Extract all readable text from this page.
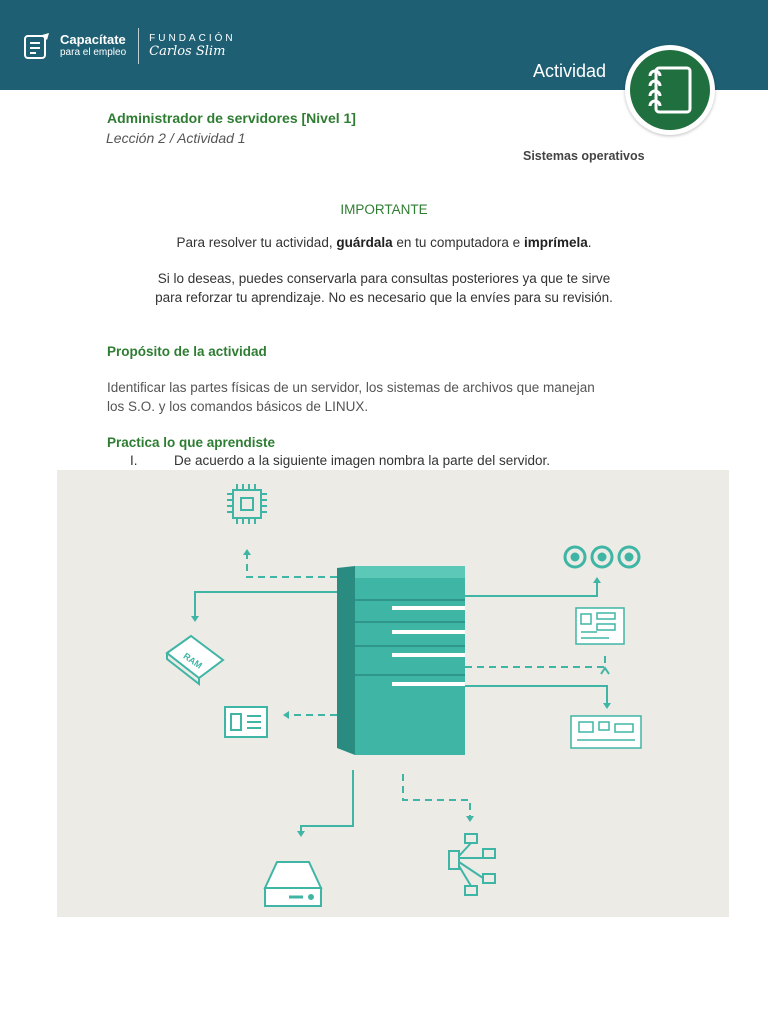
Capacítate
para el empleo
FUNDACIÓN
Carlos Slim
Actividad
Administrador de servidores [Nivel 1]
Lección 2 / Actividad 1
Sistemas operativos
IMPORTANTE
Para resolver tu actividad, guárdala en tu computadora e imprímela.
Si lo deseas, puedes conservarla para consultas posteriores ya que te sirve
para reforzar tu aprendizaje. No es necesario que la envíes para su revisión.
Propósito de la actividad
Identificar las partes físicas de un servidor, los sistemas de archivos que manejan
los S.O. y los comandos básicos de LINUX.
Practica lo que aprendiste
I.	De acuerdo a la siguiente imagen nombra la parte del servidor.
RAM
